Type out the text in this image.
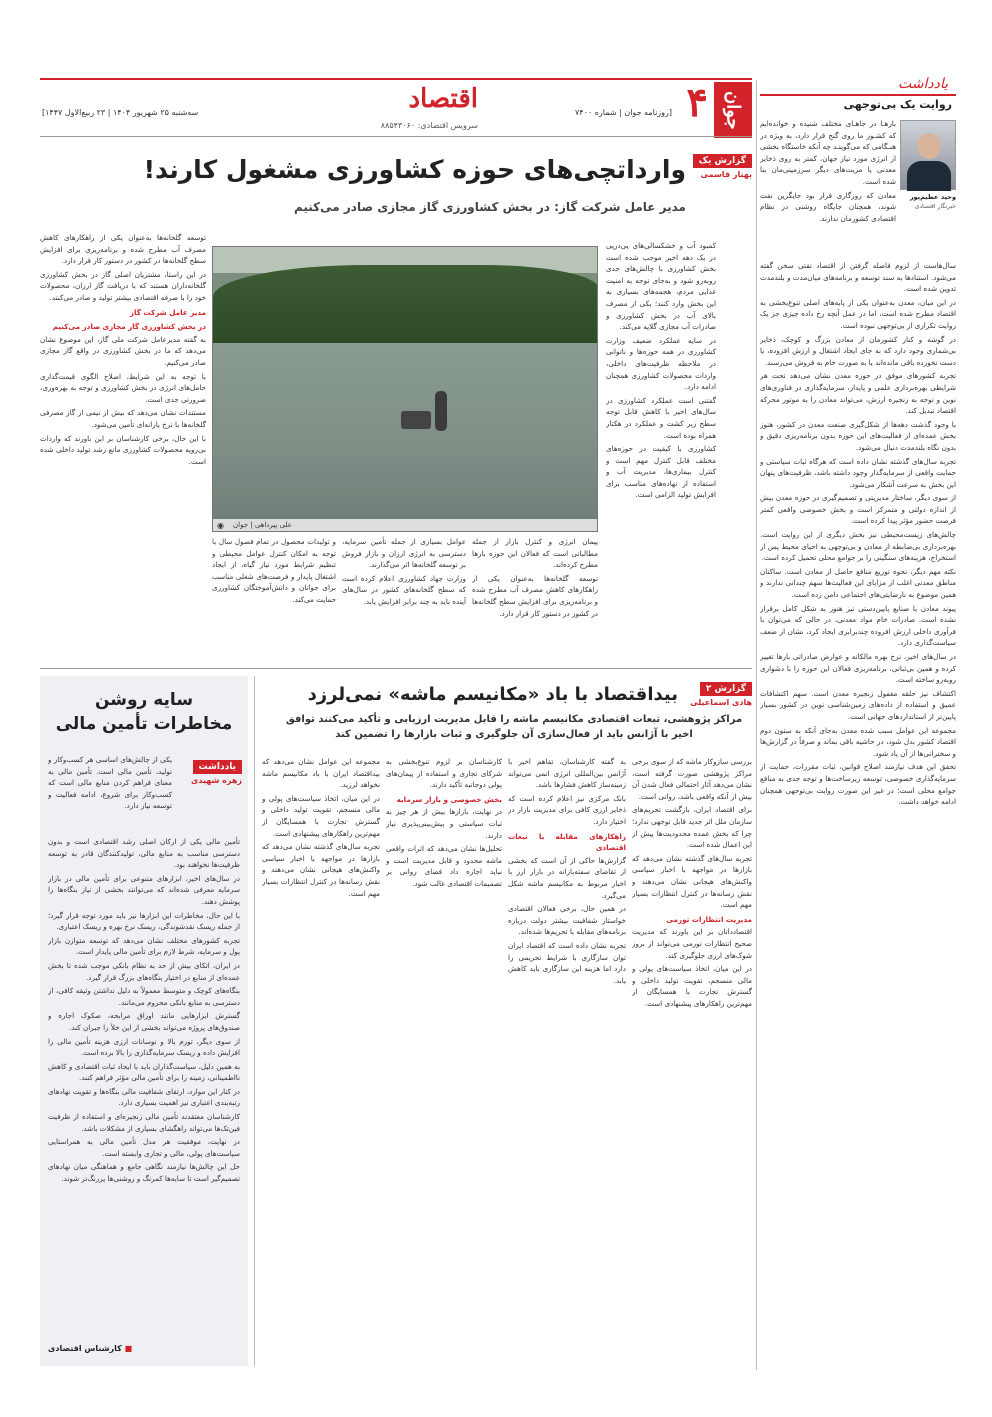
جوان
۴
[روزنامه جوان | شماره ۷۴۰۰
اقتصاد
سرویس اقتصادی: ۸۸۵۴۳۰۶۰
سه‌شنبه ۲۵ شهریور ۱۴۰۴ | ۲۳ ربیع‌الاول ۱۴۴۷]
یادداشت
روایت یک بی‌توجهی
وحید عظیم‌پور
خبرنگار اقتصادی

بارهـا در جاهـای مختلف شنیده و خوانده‌ایم که کشـور ما روی گنج قرار دارد، به ویژه در هنـگامی که می‌گوینـد چه آنکه خاستگاه بخشی از انرژی مورد نیاز جهان، کمتر به روی ذخایر معدنی یا مزیت‌های دیگر سرزمینی‌مان بنا شده است.

معادن که روزگاری قرار بود جایگزین نفت شوند، همچنان جایگاه روشنی در نظام اقتصادی کشورمان ندارند.

سال‌هاست از لزوم فاصله گرفتن از اقتصاد نفتی سخن گفته می‌شود. استنادها به سند توسعه و برنامه‌های میان‌مدت و بلندمدت تدوین شده است.

در این میان، معدن به‌عنوان یکی از پایه‌های اصلی تنوع‌بخشی به اقتصاد مطرح شده است، اما در عمل آنچه رخ داده چیزی جز یک روایت تکراری از بی‌توجهی نبوده است.

در گوشه و کنار کشورمان از معادن بزرگ و کوچک، ذخایر بی‌شماری وجود دارد که به جای ایجاد اشتغال و ارزش افزوده، یا دست نخورده باقی مانده‌اند یا به صورت خام به فروش می‌رسند.

تجربه کشورهای موفق در حوزه معدن نشان می‌دهد تحت هر شرایطی بهره‌برداری علمی و پایدار، سرمایه‌گذاری در فناوری‌های نوین و توجه به زنجیره ارزش، می‌تواند معادن را به موتور محرکه اقتصاد تبدیل کند.

با وجود گذشت دهه‌ها از شکل‌گیری صنعت معدن در کشور، هنوز بخش عمده‌ای از فعالیت‌های این حوزه بدون برنامه‌ریزی دقیق و بدون نگاه بلندمدت دنبال می‌شود.

تجربه سال‌های گذشته نشان داده است که هرگاه ثبات سیاستی و حمایت واقعی از سرمایه‌گذار وجود داشته باشد، ظرفیت‌های پنهان این بخش به سرعت آشکار می‌شود.

از سوی دیگر، ساختار مدیریتی و تصمیم‌گیری در حوزه معدن بیش از اندازه دولتی و متمرکز است و بخش خصوصی واقعی کمتر فرصت حضور مؤثر پیدا کرده است.

چالش‌های زیست‌محیطی نیز بخش دیگری از این روایت است. بهره‌برداری بی‌ضابطه از معادن و بی‌توجهی به احیای محیط پس از استخراج، هزینه‌های سنگینی را بر جوامع محلی تحمیل کرده است.

نکته مهم دیگر، نحوه توزیع منافع حاصل از معادن است. ساکنان مناطق معدنی اغلب از مزایای این فعالیت‌ها سهم چندانی ندارند و همین موضوع به نارضایتی‌های اجتماعی دامن زده است.

پیوند معادن با صنایع پایین‌دستی نیز هنوز به شکل کامل برقرار نشده است. صادرات خام مواد معدنی، در حالی که می‌توان با فرآوری داخلی ارزش افزوده چندبرابری ایجاد کرد، نشان از ضعف سیاست‌گذاری دارد.

در سال‌های اخیر، نرخ بهره مالکانه و عوارض صادراتی بارها تغییر کرده و همین بی‌ثباتی، برنامه‌ریزی فعالان این حوزه را با دشواری روبه‌رو ساخته است.

اکتشاف نیز حلقه مغفول زنجیره معدن است. سهم اکتشافات عمیق و استفاده از داده‌های زمین‌شناسی نوین در کشور بسیار پایین‌تر از استانداردهای جهانی است.

مجموعه این عوامل سبب شده معدن به‌جای آنکه به ستون دوم اقتصاد کشور بدل شود، در حاشیه باقی بماند و صرفاً در گزارش‌ها و سخنرانی‌ها از آن یاد شود.

تحقق این هدف نیازمند اصلاح قوانین، ثبات مقررات، حمایت از سرمایه‌گذاری خصوصی، توسعه زیرساخت‌ها و توجه جدی به منافع جوامع محلی است؛ در غیر این صورت روایت بی‌توجهی همچنان ادامه خواهد داشت.

گزارش یک
بهناز قاسمی
وارداتچی‌های حوزه کشاورزی مشغول کارند!
مدیر عامل شرکت گاز: در بخش کشاورزی گاز مجازی صادر می‌کنیم
علی پیرداهی | جوان
◉

کمبود آب و خشکسالی‌های پی‌درپی در یک دهه اخیر موجب شده است بخش کشاورزی با چالش‌های جدی روبه‌رو شود و به‌جای توجه به امنیت غذایی مردم، هجمه‌های بسیاری به این بخش وارد کنند؛ یکی از مصرف بالای آب در بخش کشاورزی و صادرات آب مجازی گلایه می‌کند.

در سایه عملکرد ضعیف وزارت کشاورزی در همه حوزه‌ها و ناتوانی در ملاحظه ظرفیت‌های داخلی، واردات محصولات کشاورزی همچنان ادامه دارد.

گفتنی است عملکرد کشاورزی در سال‌های اخیر با کاهش قابل توجه سطح زیر کشت و عملکرد در هکتار همراه بوده است.

کشاورزی با کیفیت در حوزه‌های مختلف قابل کنترل مهم است و کنترل بیماری‌ها، مدیریت آب و استفاده از نهاده‌های مناسب برای افزایش تولید الزامی است.

توسعه گلخانه‌ها به‌عنوان یکی از راهکارهای کاهش مصرف آب مطرح شده و برنامه‌ریزی برای افزایش سطح گلخانه‌ها در کشور در دستور کار قرار دارد.

در این راستا، مشتریان اصلی گاز در بخش کشاورزی گلخانه‌داران هستند که با دریافت گاز ارزان، محصولات خود را با صرفه اقتصادی بیشتر تولید و صادر می‌کنند.

مدیر عامل شرکت گاز
در بخش کشاورزی گاز مجازی صادر می‌کنیم

به گفته مدیرعامل شرکت ملی گاز، این موضوع نشان می‌دهد که ما در بخش کشاورزی در واقع گاز مجازی صادر می‌کنیم.

با توجه به این شرایط، اصلاح الگوی قیمت‌گذاری حامل‌های انرژی در بخش کشاورزی و توجه به بهره‌وری، ضرورتی جدی است.

مستندات نشان می‌دهد که بیش از نیمی از گاز مصرفی گلخانه‌ها با نرخ یارانه‌ای تأمین می‌شود.

با این حال، برخی کارشناسان بر این باورند که واردات بی‌رویه محصولات کشاورزی مانع رشد تولید داخلی شده است.

و تولیدات محصول در تمام فصول سال با توجه به امکان کنترل عوامل محیطی و تنظیم شرایط مورد نیاز گیاه، از ایجاد اشتغال پایدار و فرصت‌های شغلی مناسب برای جوانان و دانش‌آموختگان کشاورزی حمایت می‌کند.

عوامل بسیاری از جمله تأمین سرمایه، دسترسی به انرژی ارزان و بازار فروش بر توسعه گلخانه‌ها اثر می‌گذارند.

وزارت جهاد کشاورزی اعلام کرده است که سطح گلخانه‌های کشور در سال‌های آینده باید به چند برابر افزایش یابد.

پیمان انرژی و کنترل بازار از جمله مطالباتی است که فعالان این حوزه بارها مطرح کرده‌اند.

توسعه گلخانه‌ها به‌عنوان یکی از راهکارهای کاهش مصرف آب مطرح شده و برنامه‌ریزی برای افزایش سطح گلخانه‌ها در کشور در دستور کار قرار دارد.

گزارش ۲
هادی اسماعیلی
بیداقتصاد با باد «مکانیسم ماشه» نمی‌لرزد
مراکز پژوهشی، تبعات اقتصادی مکانیسم ماشه را قابل مدیریت ارزیابی و تأکید می‌کنند توافق اخیر با آژانس باید از فعال‌سازی آن جلوگیری و ثبات بازارها را تضمین کند

بررسی سازوکار ماشه که از سوی برخی مراکز پژوهشی صورت گرفته است، نشان می‌دهد آثار احتمالی فعال شدن آن بیش از آنکه واقعی باشد، روانی است.

برای اقتصاد ایران، بازگشت تحریم‌های سازمان ملل اثر جدید قابل توجهی ندارد؛ چرا که بخش عمده محدودیت‌ها پیش از این اعمال شده است.

تجربه سال‌های گذشته نشان می‌دهد که بازارها در مواجهه با اخبار سیاسی واکنش‌های هیجانی نشان می‌دهند و نقش رسانه‌ها در کنترل انتظارات بسیار مهم است.

مدیریت انتظارات تورمی

اقتصاددانان بر این باورند که مدیریت صحیح انتظارات تورمی می‌تواند از بروز شوک‌های ارزی جلوگیری کند.

در این میان، اتخاذ سیاست‌های پولی و مالی منسجم، تقویت تولید داخلی و گسترش تجارت با همسایگان از مهم‌ترین راهکارهای پیشنهادی است.

به گفته کارشناسان، تفاهم اخیر با آژانس بین‌المللی انرژی اتمی می‌تواند زمینه‌ساز کاهش فشارها باشد.

بانک مرکزی نیز اعلام کرده است که ذخایر ارزی کافی برای مدیریت بازار در اختیار دارد.

راهکارهای مقابله با تبعات اقتصادی

گزارش‌ها حاکی از آن است که بخشی از تقاضای سفته‌بازانه در بازار ارز با اخبار مربوط به مکانیسم ماشه شکل می‌گیرد.

در همین حال، برخی فعالان اقتصادی خواستار شفافیت بیشتر دولت درباره برنامه‌های مقابله با تحریم‌ها شده‌اند.

تجربه نشان داده است که اقتصاد ایران توان سازگاری با شرایط تحریمی را دارد اما هزینه این سازگاری باید کاهش یابد.

کارشناسان بر لزوم تنوع‌بخشی به شرکای تجاری و استفاده از پیمان‌های پولی دوجانبه تأکید دارند.

بخش خصوصی و بازار سرمایه

در نهایت، بازارها بیش از هر چیز به ثبات سیاستی و پیش‌بینی‌پذیری نیاز دارند.

تحلیل‌ها نشان می‌دهد که اثرات واقعی ماشه محدود و قابل مدیریت است و نباید اجازه داد فضای روانی بر تصمیمات اقتصادی غالب شود.

مجموعه این عوامل نشان می‌دهد که بیداقتصاد ایران با باد مکانیسم ماشه نخواهد لرزید.

در این میان، اتخاذ سیاست‌های پولی و مالی منسجم، تقویت تولید داخلی و گسترش تجارت با همسایگان از مهم‌ترین راهکارهای پیشنهادی است.

تجربه سال‌های گذشته نشان می‌دهد که بازارها در مواجهه با اخبار سیاسی واکنش‌های هیجانی نشان می‌دهند و نقش رسانه‌ها در کنترل انتظارات بسیار مهم است.

سایه روشن
مخاطرات تأمین مالی
یادداشت
زهره شهیدی

یکی از چالش‌های اساسی هر کسب‌وکار و تولید، تأمین مالی است. تأمین مالی به معنای فراهم کردن منابع مالی است که کسب‌وکار برای شروع، ادامه فعالیت و توسعه نیاز دارد.

تأمین مالی یکی از ارکان اصلی رشد اقتصادی است و بدون دسترسی مناسب به منابع مالی، تولیدکنندگان قادر به توسعه ظرفیت‌ها نخواهند بود.

در سال‌های اخیر، ابزارهای متنوعی برای تأمین مالی در بازار سرمایه معرفی شده‌اند که می‌توانند بخشی از نیاز بنگاه‌ها را پوشش دهند.

با این حال، مخاطرات این ابزارها نیز باید مورد توجه قرار گیرد؛ از جمله ریسک نقدشوندگی، ریسک نرخ بهره و ریسک اعتباری.

تجربه کشورهای مختلف نشان می‌دهد که توسعه متوازن بازار پول و سرمایه، شرط لازم برای تأمین مالی پایدار است.

در ایران، اتکای بیش از حد به نظام بانکی موجب شده تا بخش عمده‌ای از منابع در اختیار بنگاه‌های بزرگ قرار گیرد.

بنگاه‌های کوچک و متوسط معمولاً به دلیل نداشتن وثیقه کافی، از دسترسی به منابع بانکی محروم می‌مانند.

گسترش ابزارهایی مانند اوراق مرابحه، صکوک اجاره و صندوق‌های پروژه می‌تواند بخشی از این خلأ را جبران کند.

از سوی دیگر، تورم بالا و نوسانات ارزی هزینه تأمین مالی را افزایش داده و ریسک سرمایه‌گذاری را بالا برده است.

به همین دلیل، سیاست‌گذاران باید با ایجاد ثبات اقتصادی و کاهش نااطمینانی، زمینه را برای تأمین مالی مؤثر فراهم کنند.

در کنار این موارد، ارتقای شفافیت مالی بنگاه‌ها و تقویت نهادهای رتبه‌بندی اعتباری نیز اهمیت بسیاری دارد.

کارشناسان معتقدند تأمین مالی زنجیره‌ای و استفاده از ظرفیت فین‌تک‌ها می‌تواند راهگشای بسیاری از مشکلات باشد.

در نهایت، موفقیت هر مدل تأمین مالی به همراستایی سیاست‌های پولی، مالی و تجاری وابسته است.

حل این چالش‌ها نیازمند نگاهی جامع و هماهنگی میان نهادهای تصمیم‌گیر است تا سایه‌ها کمرنگ و روشنی‌ها پررنگ‌تر شوند.

■ کارشناس اقتصادی
